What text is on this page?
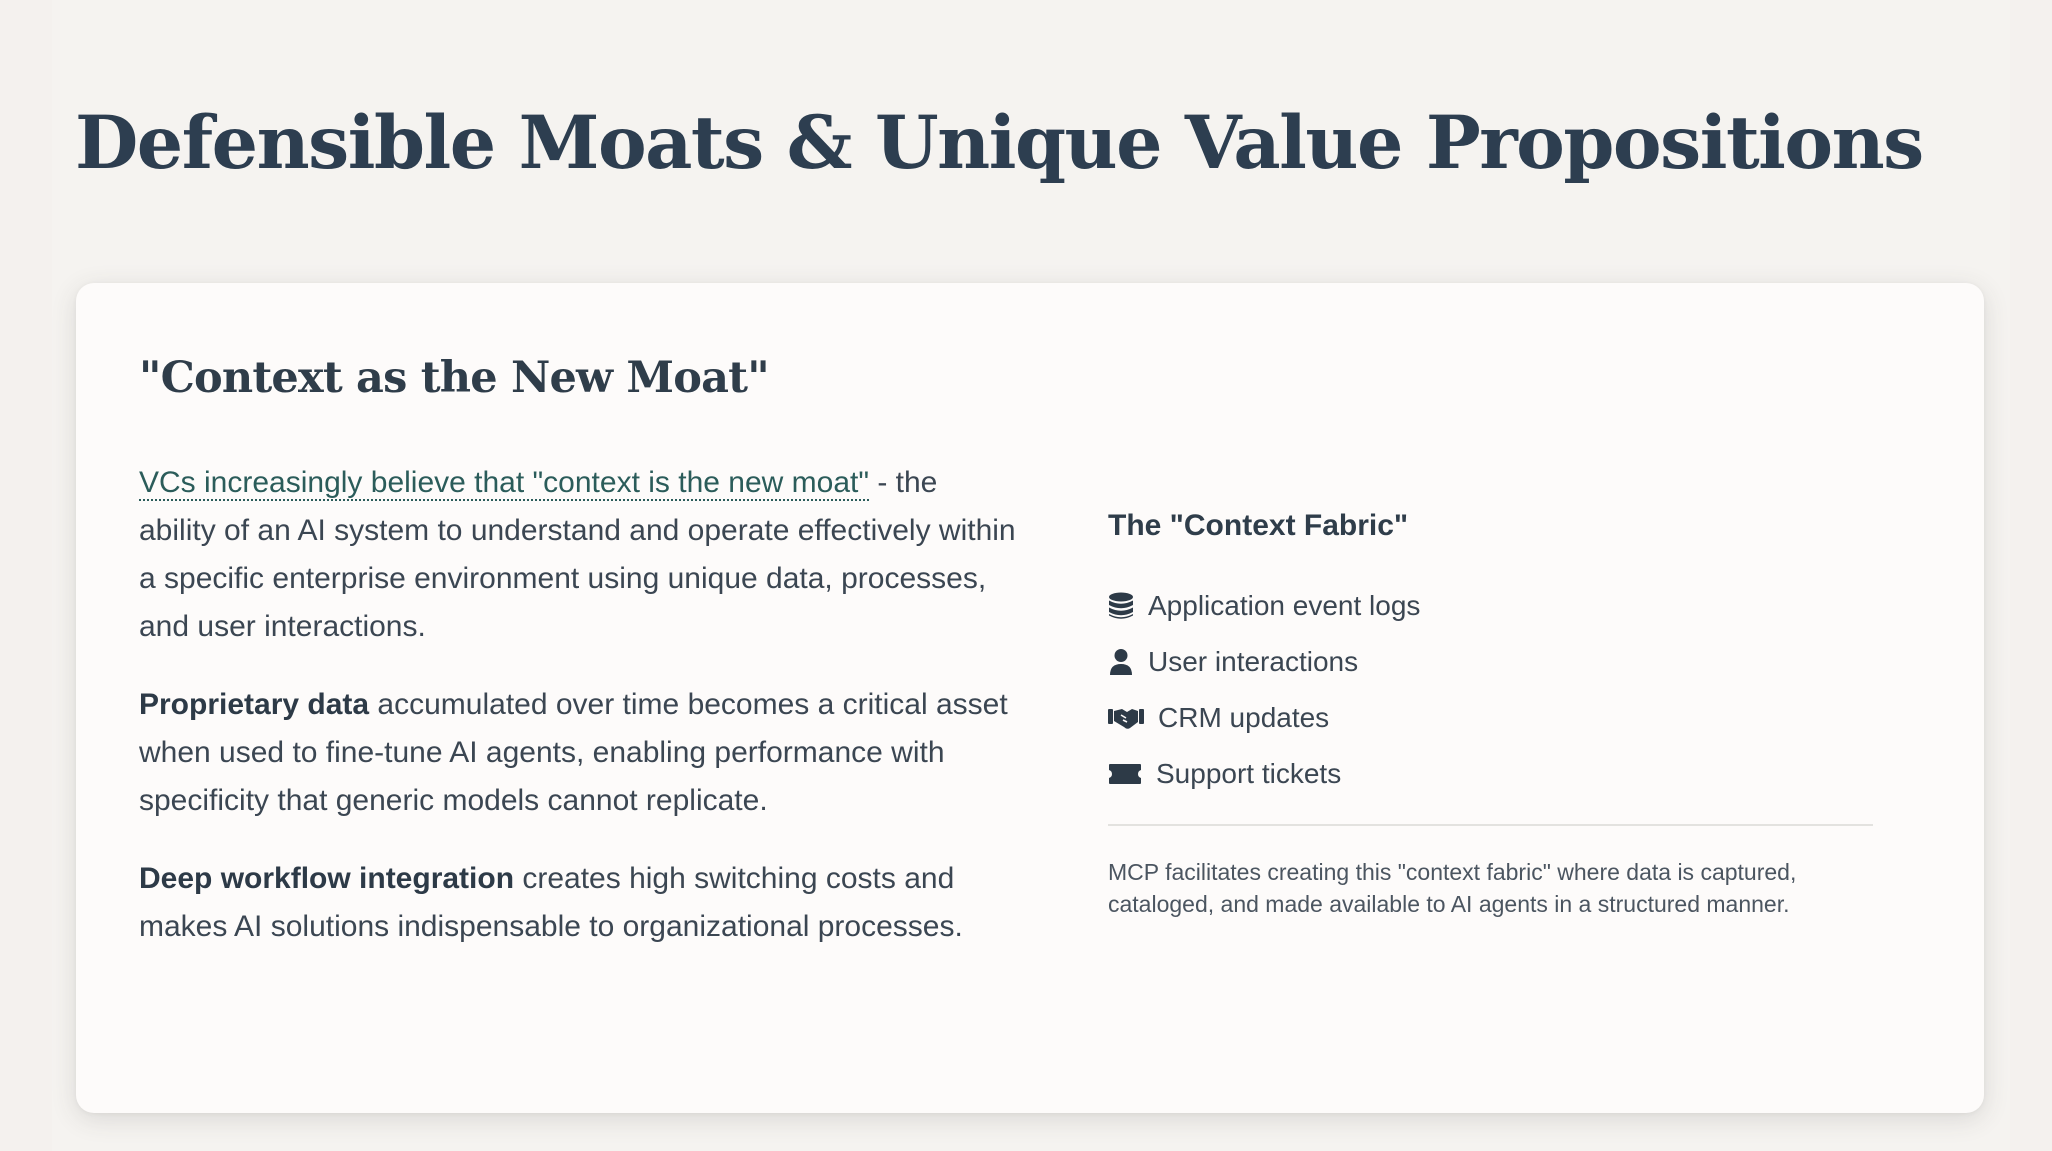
Defensible Moats & Unique Value Propositions
"Context as the New Moat"

VCs increasingly believe that "context is the new moat" - the ability of an AI system to understand and operate effectively within a specific enterprise environment using unique data, processes, and user interactions.

Proprietary data accumulated over time becomes a critical asset when used to fine-tune AI agents, enabling performance with specificity that generic models cannot replicate.

Deep workflow integration creates high switching costs and makes AI solutions indispensable to organizational processes.

The "Context Fabric"
Application event logs
User interactions
CRM updates
Support tickets

MCP facilitates creating this "context fabric" where data is captured, cataloged, and made available to AI agents in a structured manner.
